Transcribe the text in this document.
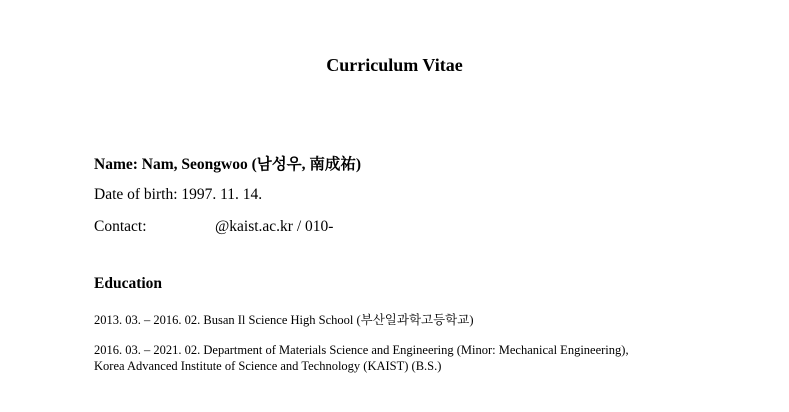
Curriculum Vitae
Name: Nam, Seongwoo (남성우, 南成祐)
Date of birth: 1997. 11. 14.
Contact:	@kaist.ac.kr / 010-
Education
2013. 03. – 2016. 02. Busan Il Science High School (부산일과학고등학교)
2016. 03. – 2021. 02. Department of Materials Science and Engineering (Minor: Mechanical Engineering),
Korea Advanced Institute of Science and Technology (KAIST) (B.S.)
